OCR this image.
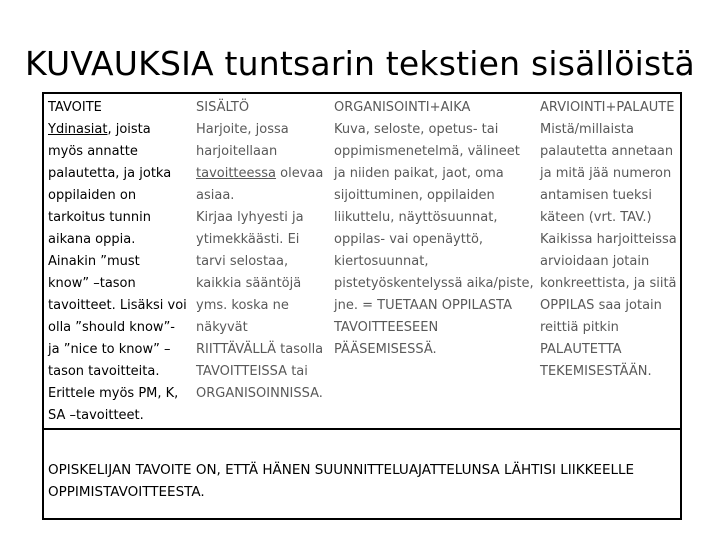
KUVAUKSIA tuntsarin tekstien sisällöistä
TAVOITE
Ydinasiat, joista
myös annatte
palautetta, ja jotka
oppilaiden on
tarkoitus tunnin
aikana oppia.
Ainakin ”must
know” –tason
tavoitteet. Lisäksi voi
olla ”should know”-
ja ”nice to know” –
tason tavoitteita.
Erittele myös PM, K,
SA –tavoitteet.
SISÄLTÖ
Harjoite, jossa
harjoitellaan
tavoitteessa olevaa
asiaa.
Kirjaa lyhyesti ja
ytimekkäästi. Ei
tarvi selostaa,
kaikkia sääntöjä
yms. koska ne
näkyvät
RIITTÄVÄLLÄ tasolla
TAVOITTEISSA tai
ORGANISOINNISSA.
ORGANISOINTI+AIKA
Kuva, seloste, opetus- tai
oppimismenetelmä, välineet
ja niiden paikat, jaot, oma
sijoittuminen, oppilaiden
liikuttelu, näyttösuunnat,
oppilas- vai openäyttö,
kiertosuunnat,
pistetyöskentelyssä aika/piste,
jne. = TUETAAN OPPILASTA
TAVOITTEESEEN
PÄÄSEMISESSÄ.
ARVIOINTI+PALAUTE
Mistä/millaista
palautetta annetaan
ja mitä jää numeron
antamisen tueksi
käteen (vrt. TAV.)
Kaikissa harjoitteissa
arvioidaan jotain
konkreettista, ja siitä
OPPILAS saa jotain
reittiä pitkin
PALAUTETTA
TEKEMISESTÄÄN.
OPISKELIJAN TAVOITE ON, ETTÄ HÄNEN SUUNNITTELUAJATTELUNSA LÄHTISI LIIKKEELLE OPPIMISTAVOITTEESTA.
